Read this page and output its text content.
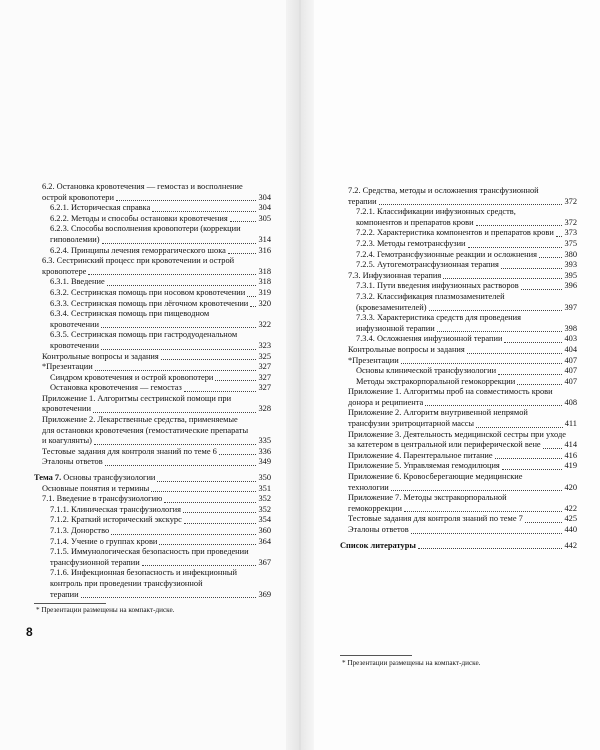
6.2. Остановка кровотечения — гемостаз и восполнение
острой кровопотери	304
6.2.1. Историческая справка	304
6.2.2. Методы и способы остановки кровотечения	305
6.2.3. Способы восполнения кровопотери (коррекции
гиповолемии)	314
6.2.4. Принципы лечения геморрагического шока	316
6.3. Сестринский процесс при кровотечении и острой
кровопотере	318
6.3.1. Введение	318
6.3.2. Сестринская помощь при носовом кровотечении 319
6.3.3. Сестринская помощь при лёгочном кровотечении 320
6.3.4. Сестринская помощь при пищеводном
кровотечении	322
6.3.5. Сестринская помощь при гастродуоденальном
кровотечении	323
Контрольные вопросы и задания	325
*Презентации	327
Синдром кровотечения и острой кровопотери	327
Остановка кровотечения — гемостаз	327
Приложение 1. Алгоритмы сестринской помощи при
кровотечении	328
Приложение 2. Лекарственные средства, применяемые
для остановки кровотечения (гемостатические препараты
и коагулянты)	335
Тестовые задания для контроля знаний по теме 6	336
Эталоны ответов	349
Тема 7. Основы трансфузиологии	350
Основные понятия и термины	351
7.1. Введение в трансфузиологию	352
7.1.1. Клиническая трансфузиология	352
7.1.2. Краткий исторический экскурс	354
7.1.3. Донорство	360
7.1.4. Учение о группах крови	364
7.1.5. Иммунологическая безопасность при проведении
трансфузионной терапии	367
7.1.6. Инфекционная безопасность и инфекционный
контроль при проведении трансфузионной
терапии	369
7.2. Средства, методы и осложнения трансфузионной
терапии	372
7.2.1. Классификации инфузионных средств,
компонентов и препаратов крови	372
7.2.2. Характеристика компонентов и препаратов крови 373
7.2.3. Методы гемотрансфузии	375
7.2.4. Гемотрансфузионные реакции и осложнения	380
7.2.5. Аутогемотрансфузионная терапия	393
7.3. Инфузионная терапия	395
7.3.1. Пути введения инфузионных растворов	396
7.3.2. Классификация плазмозаменителей
(кровезаменителей)	397
7.3.3. Характеристика средств для проведения
инфузионной терапии	398
7.3.4. Осложнения инфузионной терапии	403
Контрольные вопросы и задания	404
*Презентации	407
Основы клинической трансфузиологии	407
Методы экстракорпоральной гемокоррекции	407
Приложение 1. Алгоритмы проб на совместимость крови
донора и реципиента	408
Приложение 2. Алгоритм внутривенной непрямой
трансфузии эритроцитарной массы	411
Приложение 3. Деятельность медицинской сестры при уходе
за катетером в центральной или периферической вене	414
Приложение 4. Парентеральное питание	416
Приложение 5. Управляемая гемодилюция	419
Приложение 6. Кровосберегающие медицинские
технологии	420
Приложение 7. Методы экстракорпоральной
гемокоррекции	422
Тестовые задания для контроля знаний по теме 7	425
Эталоны ответов	440
Список литературы	442
* Презентации размещены на компакт-диске.
8
* Презентации размещены на компакт-диске.
